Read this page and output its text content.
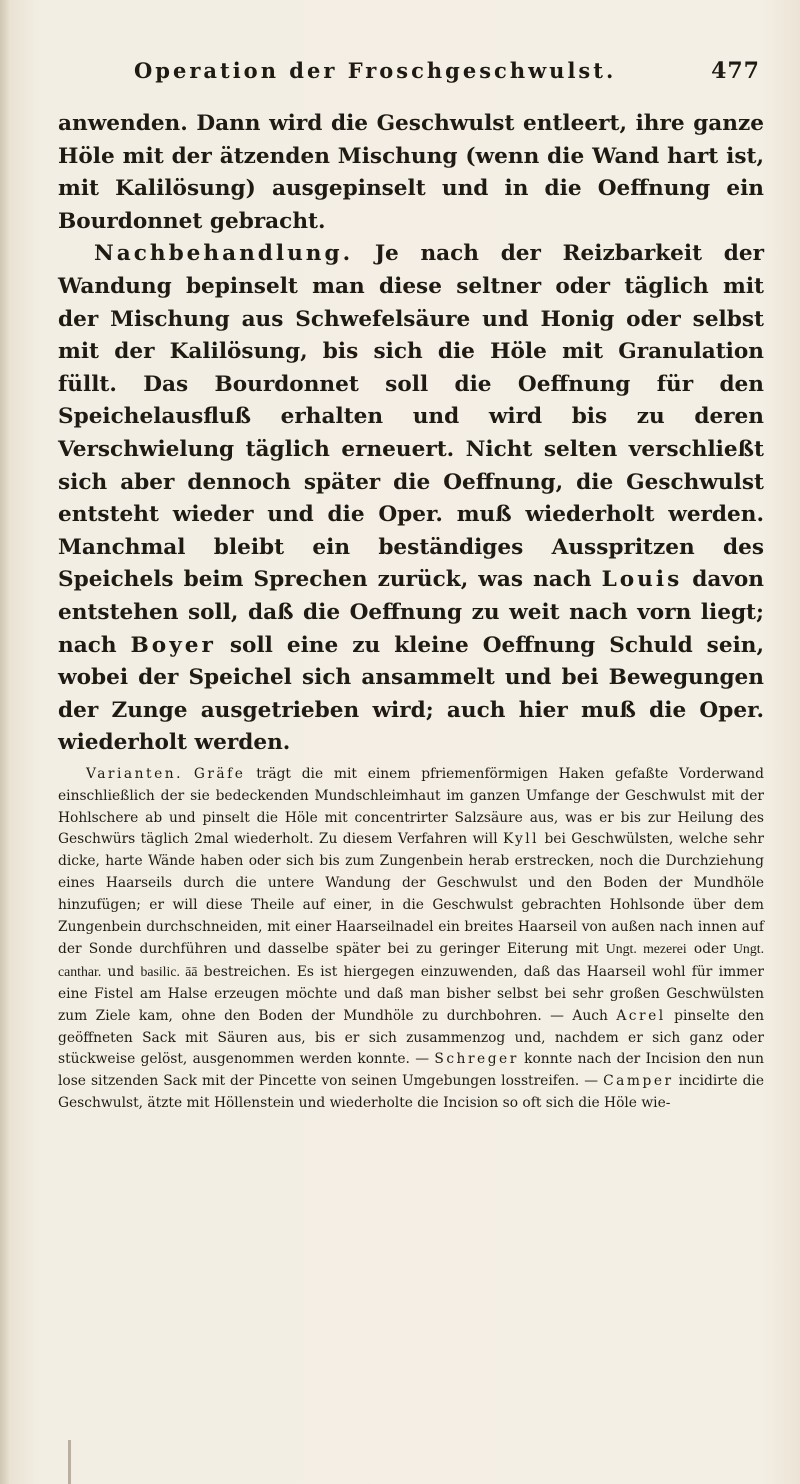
Operation der Froschgeschwulst.	477

anwenden. Dann wird die Geschwulst entleert, ihre ganze Höle mit der ätzenden Mischung (wenn die Wand hart ist, mit Kalilösung) ausgepinselt und in die Oeffnung ein Bourdonnet gebracht.

Nachbehandlung. Je nach der Reizbarkeit der Wandung bepinselt man diese seltner oder täglich mit der Mischung aus Schwefelsäure und Honig oder selbst mit der Kalilösung, bis sich die Höle mit Granulation füllt. Das Bourdonnet soll die Oeffnung für den Speichelausfluß erhalten und wird bis zu deren Verschwielung täglich erneuert. Nicht selten verschließt sich aber dennoch später die Oeffnung, die Geschwulst entsteht wieder und die Oper. muß wiederholt werden. Manchmal bleibt ein beständiges Ausspritzen des Speichels beim Sprechen zurück, was nach Louis davon entstehen soll, daß die Oeffnung zu weit nach vorn liegt; nach Boyer soll eine zu kleine Oeffnung Schuld sein, wobei der Speichel sich ansammelt und bei Bewegungen der Zunge ausgetrieben wird; auch hier muß die Oper. wiederholt werden.

Varianten. Gräfe trägt die mit einem pfriemenförmigen Haken gefaßte Vorderwand einschließlich der sie bedeckenden Mundschleimhaut im ganzen Umfange der Geschwulst mit der Hohlschere ab und pinselt die Höle mit concentrirter Salzsäure aus, was er bis zur Heilung des Geschwürs täglich 2mal wiederholt. Zu diesem Verfahren will Kyll bei Geschwülsten, welche sehr dicke, harte Wände haben oder sich bis zum Zungenbein herab erstrecken, noch die Durchziehung eines Haarseils durch die untere Wandung der Geschwulst und den Boden der Mundhöle hinzufügen; er will diese Theile auf einer, in die Geschwulst gebrachten Hohlsonde über dem Zungenbein durchschneiden, mit einer Haarseilnadel ein breites Haarseil von außen nach innen auf der Sonde durchführen und dasselbe später bei zu geringer Eiterung mit Ungt. mezerei oder Ungt. canthar. und basilic. āā bestreichen. Es ist hiergegen einzuwenden, daß das Haarseil wohl für immer eine Fistel am Halse erzeugen möchte und daß man bisher selbst bei sehr großen Geschwülsten zum Ziele kam, ohne den Boden der Mundhöle zu durchbohren. — Auch Acrel pinselte den geöffneten Sack mit Säuren aus, bis er sich zusammenzog und, nachdem er sich ganz oder stückweise gelöst, ausgenommen werden konnte. — Schreger konnte nach der Incision den nun lose sitzenden Sack mit der Pincette von seinen Umgebungen losstreifen. — Camper incidirte die Geschwulst, ätzte mit Höllenstein und wiederholte die Incision so oft sich die Höle wie-
